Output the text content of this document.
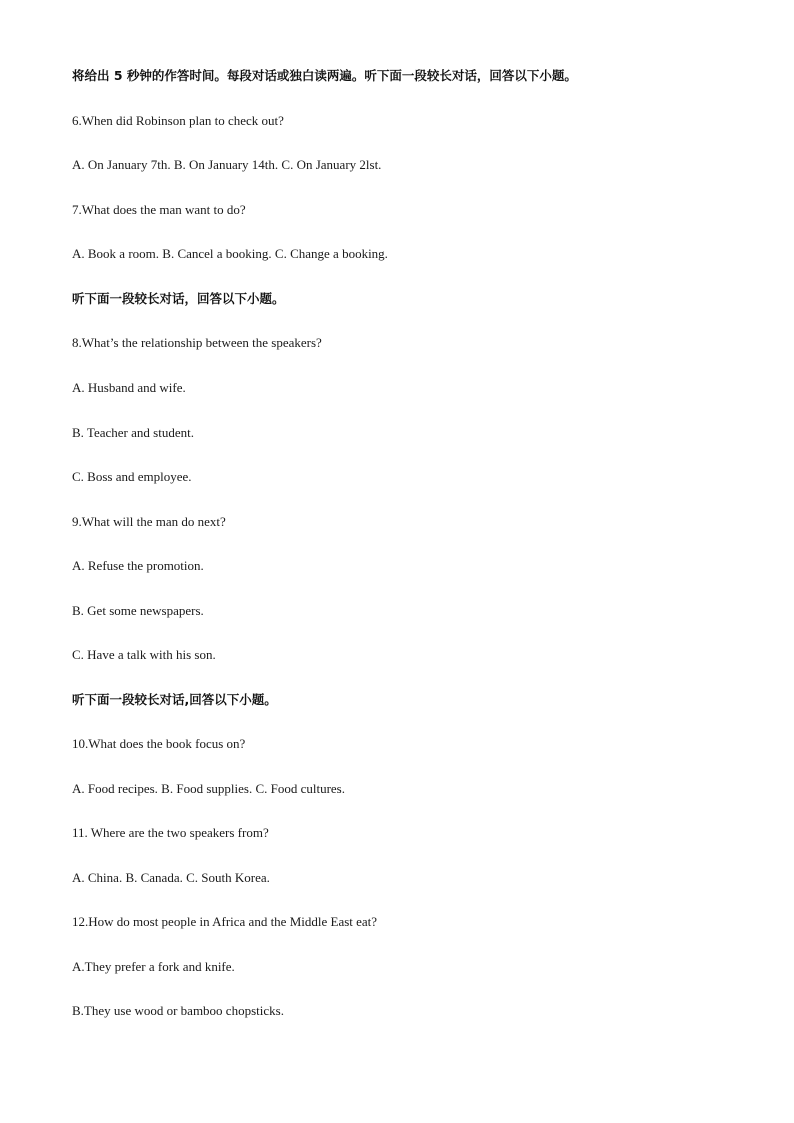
将给出 5 秒钟的作答时间。每段对话或独白读两遍。听下面一段较长对话，回答以下小题。
6.When did Robinson plan to check out?
A. On January 7th. B. On January 14th. C. On January 2lst.
7.What does the man want to do?
A. Book a room. B. Cancel a booking. C. Change a booking.
听下面一段较长对话，回答以下小题。
8.What’s the relationship between the speakers?
A. Husband and wife.
B. Teacher and student.
C. Boss and employee.
9.What will the man do next?
A. Refuse the promotion.
B. Get some newspapers.
C. Have a talk with his son.
听下面一段较长对话,回答以下小题。
10.What does the book focus on?
A. Food recipes. B. Food supplies. C. Food cultures.
11. Where are the two speakers from?
A. China. B. Canada. C. South Korea.
12.How do most people in Africa and the Middle East eat?
A.They prefer a fork and knife.
B.They use wood or bamboo chopsticks.
